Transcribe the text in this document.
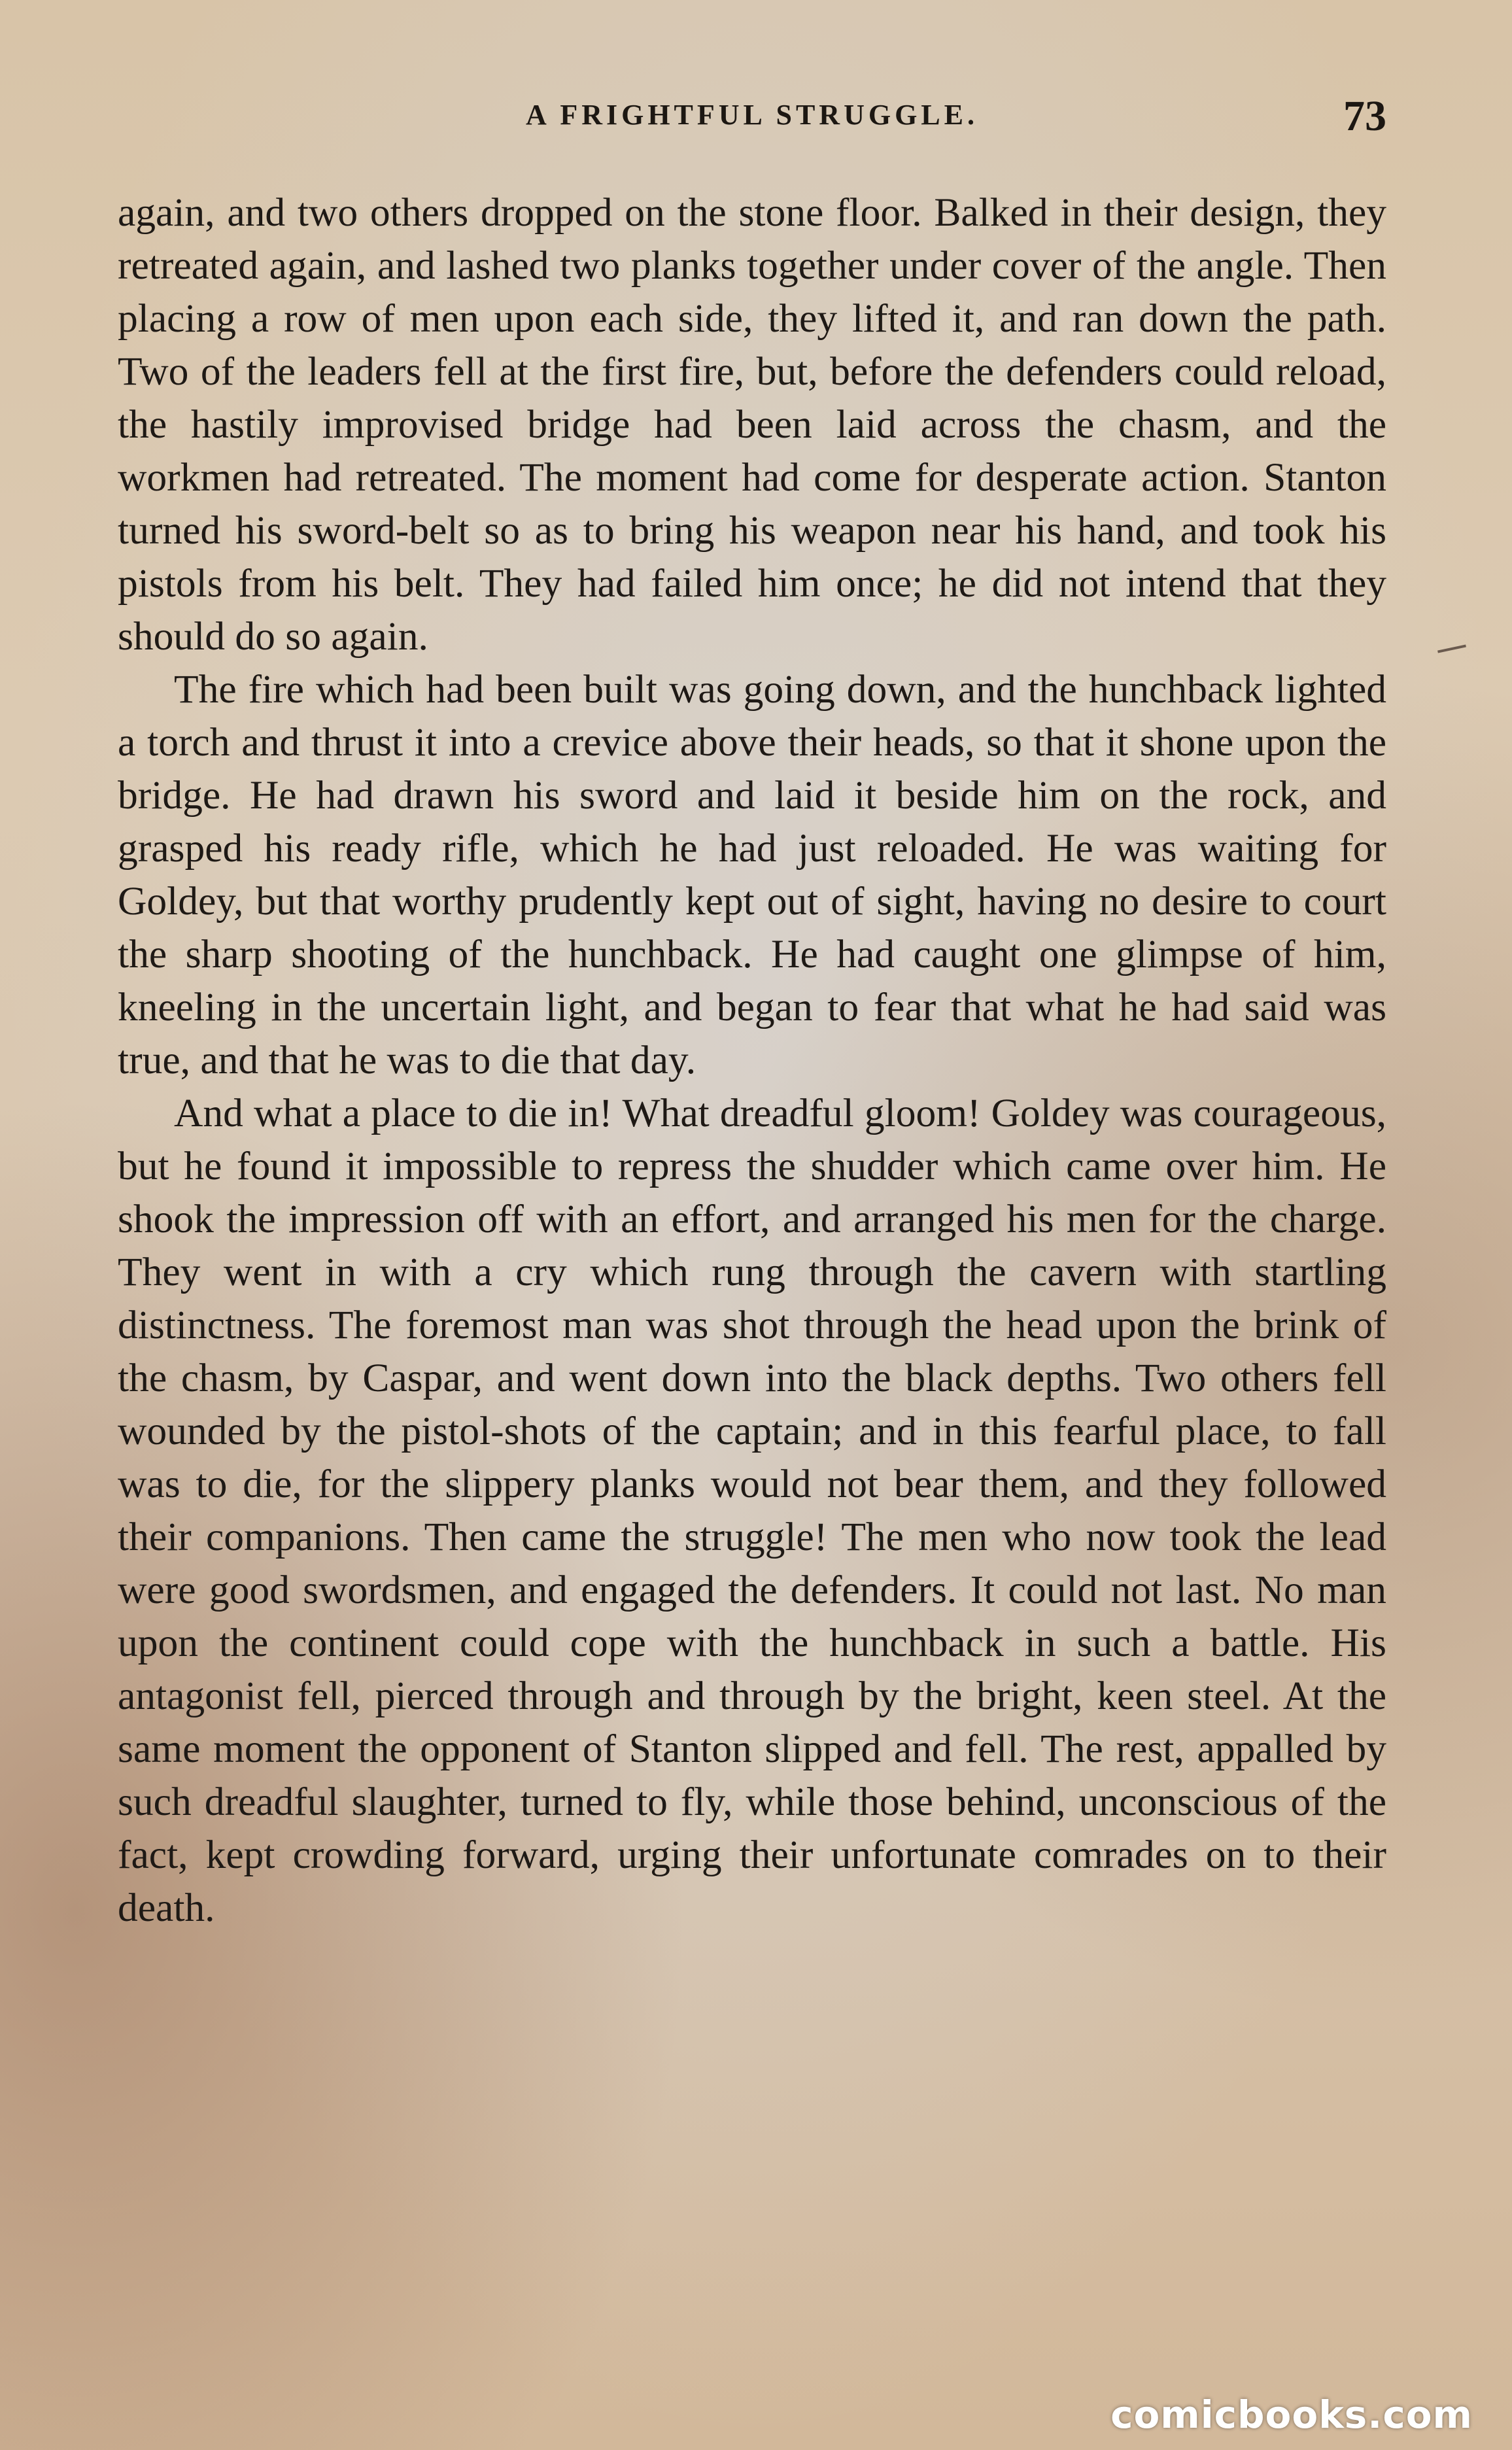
A FRIGHTFUL STRUGGLE.	73

again, and two others dropped on the stone floor. Balked in their design, they retreated again, and lashed two planks together under cover of the angle. Then placing a row of men upon each side, they lifted it, and ran down the path. Two of the leaders fell at the first fire, but, before the defenders could reload, the hastily improvised bridge had been laid across the chasm, and the workmen had retreated. The moment had come for desperate action. Stanton turned his sword-belt so as to bring his weapon near his hand, and took his pistols from his belt. They had failed him once; he did not intend that they should do so again.

The fire which had been built was going down, and the hunchback lighted a torch and thrust it into a crevice above their heads, so that it shone upon the bridge. He had drawn his sword and laid it beside him on the rock, and grasped his ready rifle, which he had just reloaded. He was waiting for Goldey, but that worthy prudently kept out of sight, having no desire to court the sharp shooting of the hunchback. He had caught one glimpse of him, kneeling in the uncertain light, and began to fear that what he had said was true, and that he was to die that day.

And what a place to die in! What dreadful gloom! Goldey was courageous, but he found it impossible to repress the shudder which came over him. He shook the impression off with an effort, and arranged his men for the charge. They went in with a cry which rung through the cavern with startling distinctness. The foremost man was shot through the head upon the brink of the chasm, by Caspar, and went down into the black depths. Two others fell wounded by the pistol-shots of the captain; and in this fearful place, to fall was to die, for the slippery planks would not bear them, and they followed their companions. Then came the struggle! The men who now took the lead were good swordsmen, and engaged the defenders. It could not last. No man upon the continent could cope with the hunchback in such a battle. His antagonist fell, pierced through and through by the bright, keen steel. At the same moment the opponent of Stanton slipped and fell. The rest, appalled by such dreadful slaughter, turned to fly, while those behind, unconscious of the fact, kept crowding forward, urging their unfortunate comrades on to their death.

comicbooks.com
